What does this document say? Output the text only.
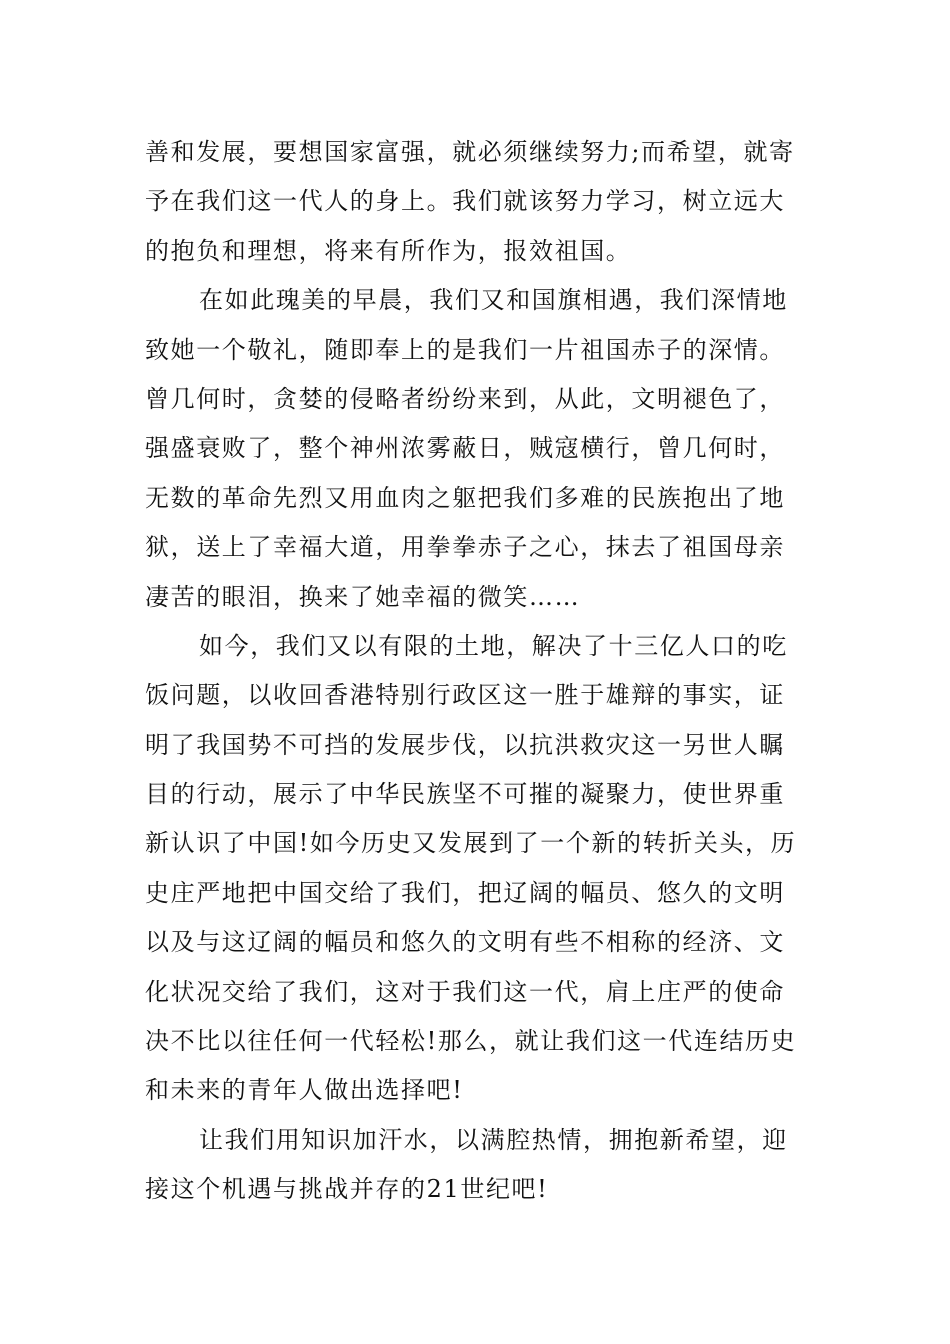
善和发展，要想国家富强，就必须继续努力;而希望，就寄
予在我们这一代人的身上。我们就该努力学习，树立远大
的抱负和理想，将来有所作为，报效祖国。
在如此瑰美的早晨，我们又和国旗相遇，我们深情地
致她一个敬礼，随即奉上的是我们一片祖国赤子的深情。
曾几何时，贪婪的侵略者纷纷来到，从此，文明褪色了，
强盛衰败了，整个神州浓雾蔽日，贼寇横行，曾几何时，
无数的革命先烈又用血肉之躯把我们多难的民族抱出了地
狱，送上了幸福大道，用拳拳赤子之心，抹去了祖国母亲
凄苦的眼泪，换来了她幸福的微笑……
如今，我们又以有限的土地，解决了十三亿人口的吃
饭问题，以收回香港特别行政区这一胜于雄辩的事实，证
明了我国势不可挡的发展步伐，以抗洪救灾这一另世人瞩
目的行动，展示了中华民族坚不可摧的凝聚力，使世界重
新认识了中国!如今历史又发展到了一个新的转折关头，历
史庄严地把中国交给了我们，把辽阔的幅员、悠久的文明
以及与这辽阔的幅员和悠久的文明有些不相称的经济、文
化状况交给了我们，这对于我们这一代，肩上庄严的使命
决不比以往任何一代轻松!那么，就让我们这一代连结历史
和未来的青年人做出选择吧!
让我们用知识加汗水，以满腔热情，拥抱新希望，迎
接这个机遇与挑战并存的21世纪吧!
